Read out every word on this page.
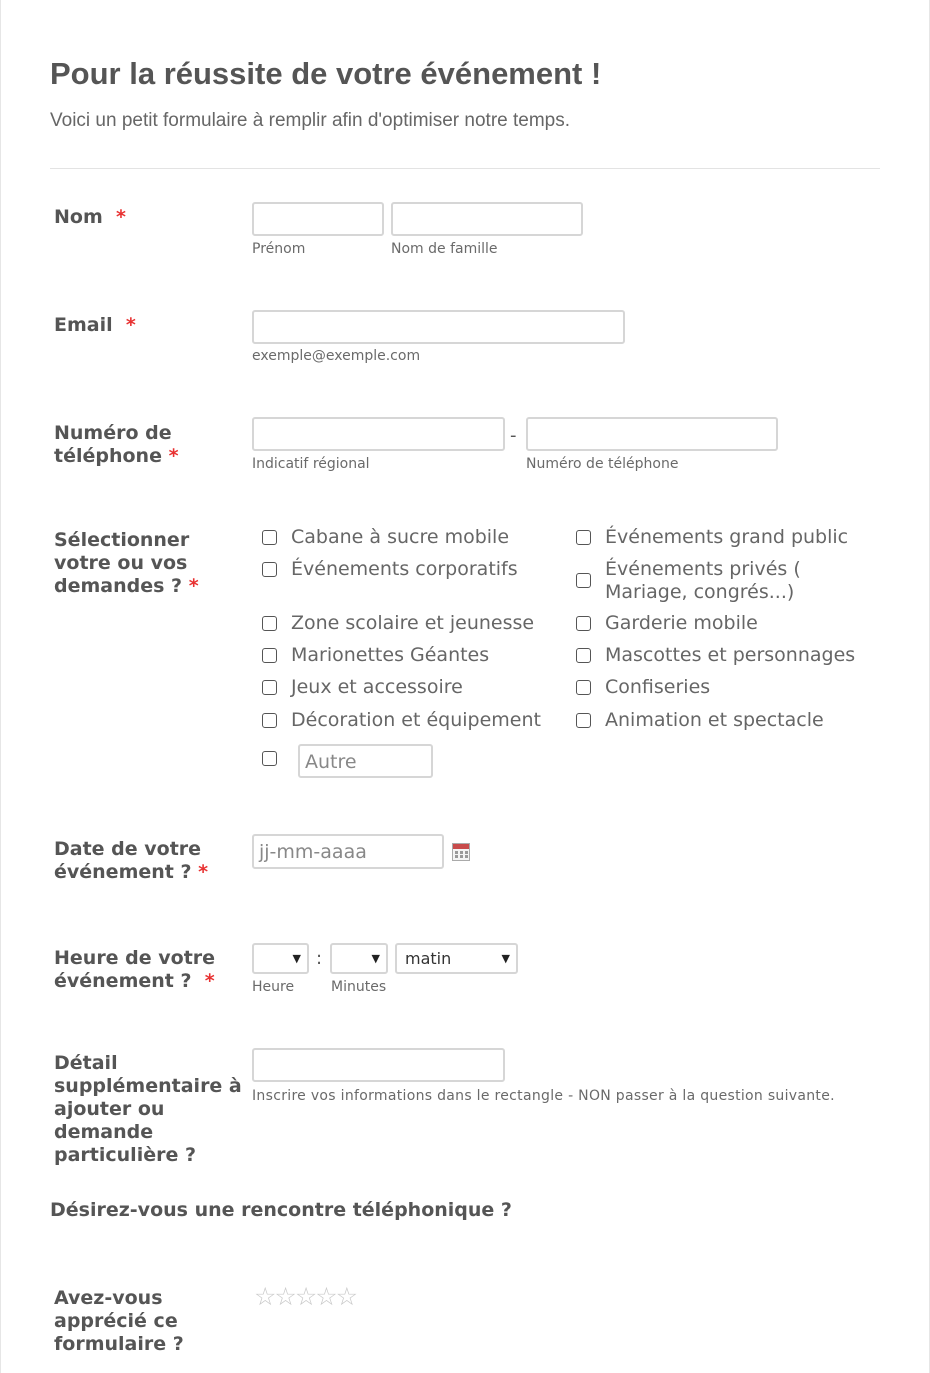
Pour la réussite de votre événement !
Voici un petit formulaire à remplir afin d'optimiser notre temps.
Nom *
Prénom	Nom de famille
Email *
exemple@exemple.com
Numéro de
téléphone *
-
Indicatif régional	Numéro de téléphone
Sélectionner
votre ou vos
demandes ? *
Cabane à sucre mobile
Événements corporatifs
Zone scolaire et jeunesse
Marionettes Géantes
Jeux et accessoire
Décoration et équipement
Autre
Événements grand public
Événements privés (
Mariage, congrés...)
Garderie mobile
Mascottes et personnages
Confiseries
Animation et spectacle
Date de votre
événement ? *
jj-mm-aaaa
Heure de votre
événement ? *
▼ :	▼ matin	▼
Heure	Minutes
Détail
supplémentaire à
ajouter ou
demande
particulière ?
Inscrire vos informations dans le rectangle - NON passer à la question suivante.
Désirez-vous une rencontre téléphonique ?
Avez-vous
apprécié ce
formulaire ?
☆☆☆☆☆
